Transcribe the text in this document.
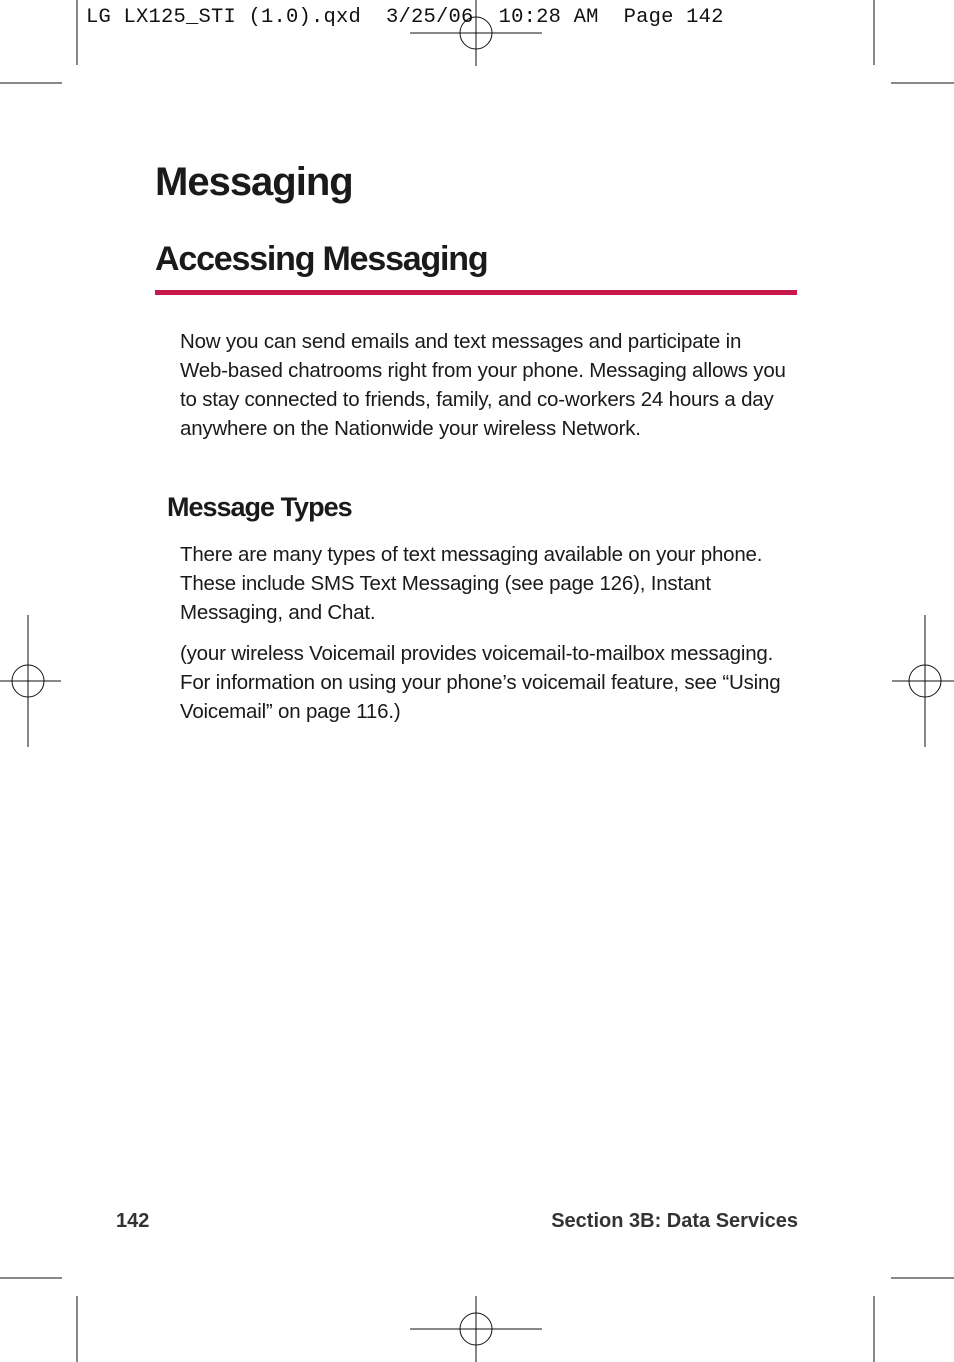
LG LX125_STI (1.0).qxd  3/25/06  10:28 AM  Page 142
Messaging
Accessing Messaging

Now you can send emails and text messages and participate in Web-based chatrooms right from your phone. Messaging allows you to stay connected to friends, family, and co-workers 24 hours a day anywhere on the Nationwide your wireless Network.

Message Types

There are many types of text messaging available on your phone. These include SMS Text Messaging (see page 126), Instant Messaging, and Chat.

(your wireless Voicemail provides voicemail-to-mailbox messaging. For information on using your phone’s voicemail feature, see “Using Voicemail” on page 116.)

142	Section 3B: Data Services
